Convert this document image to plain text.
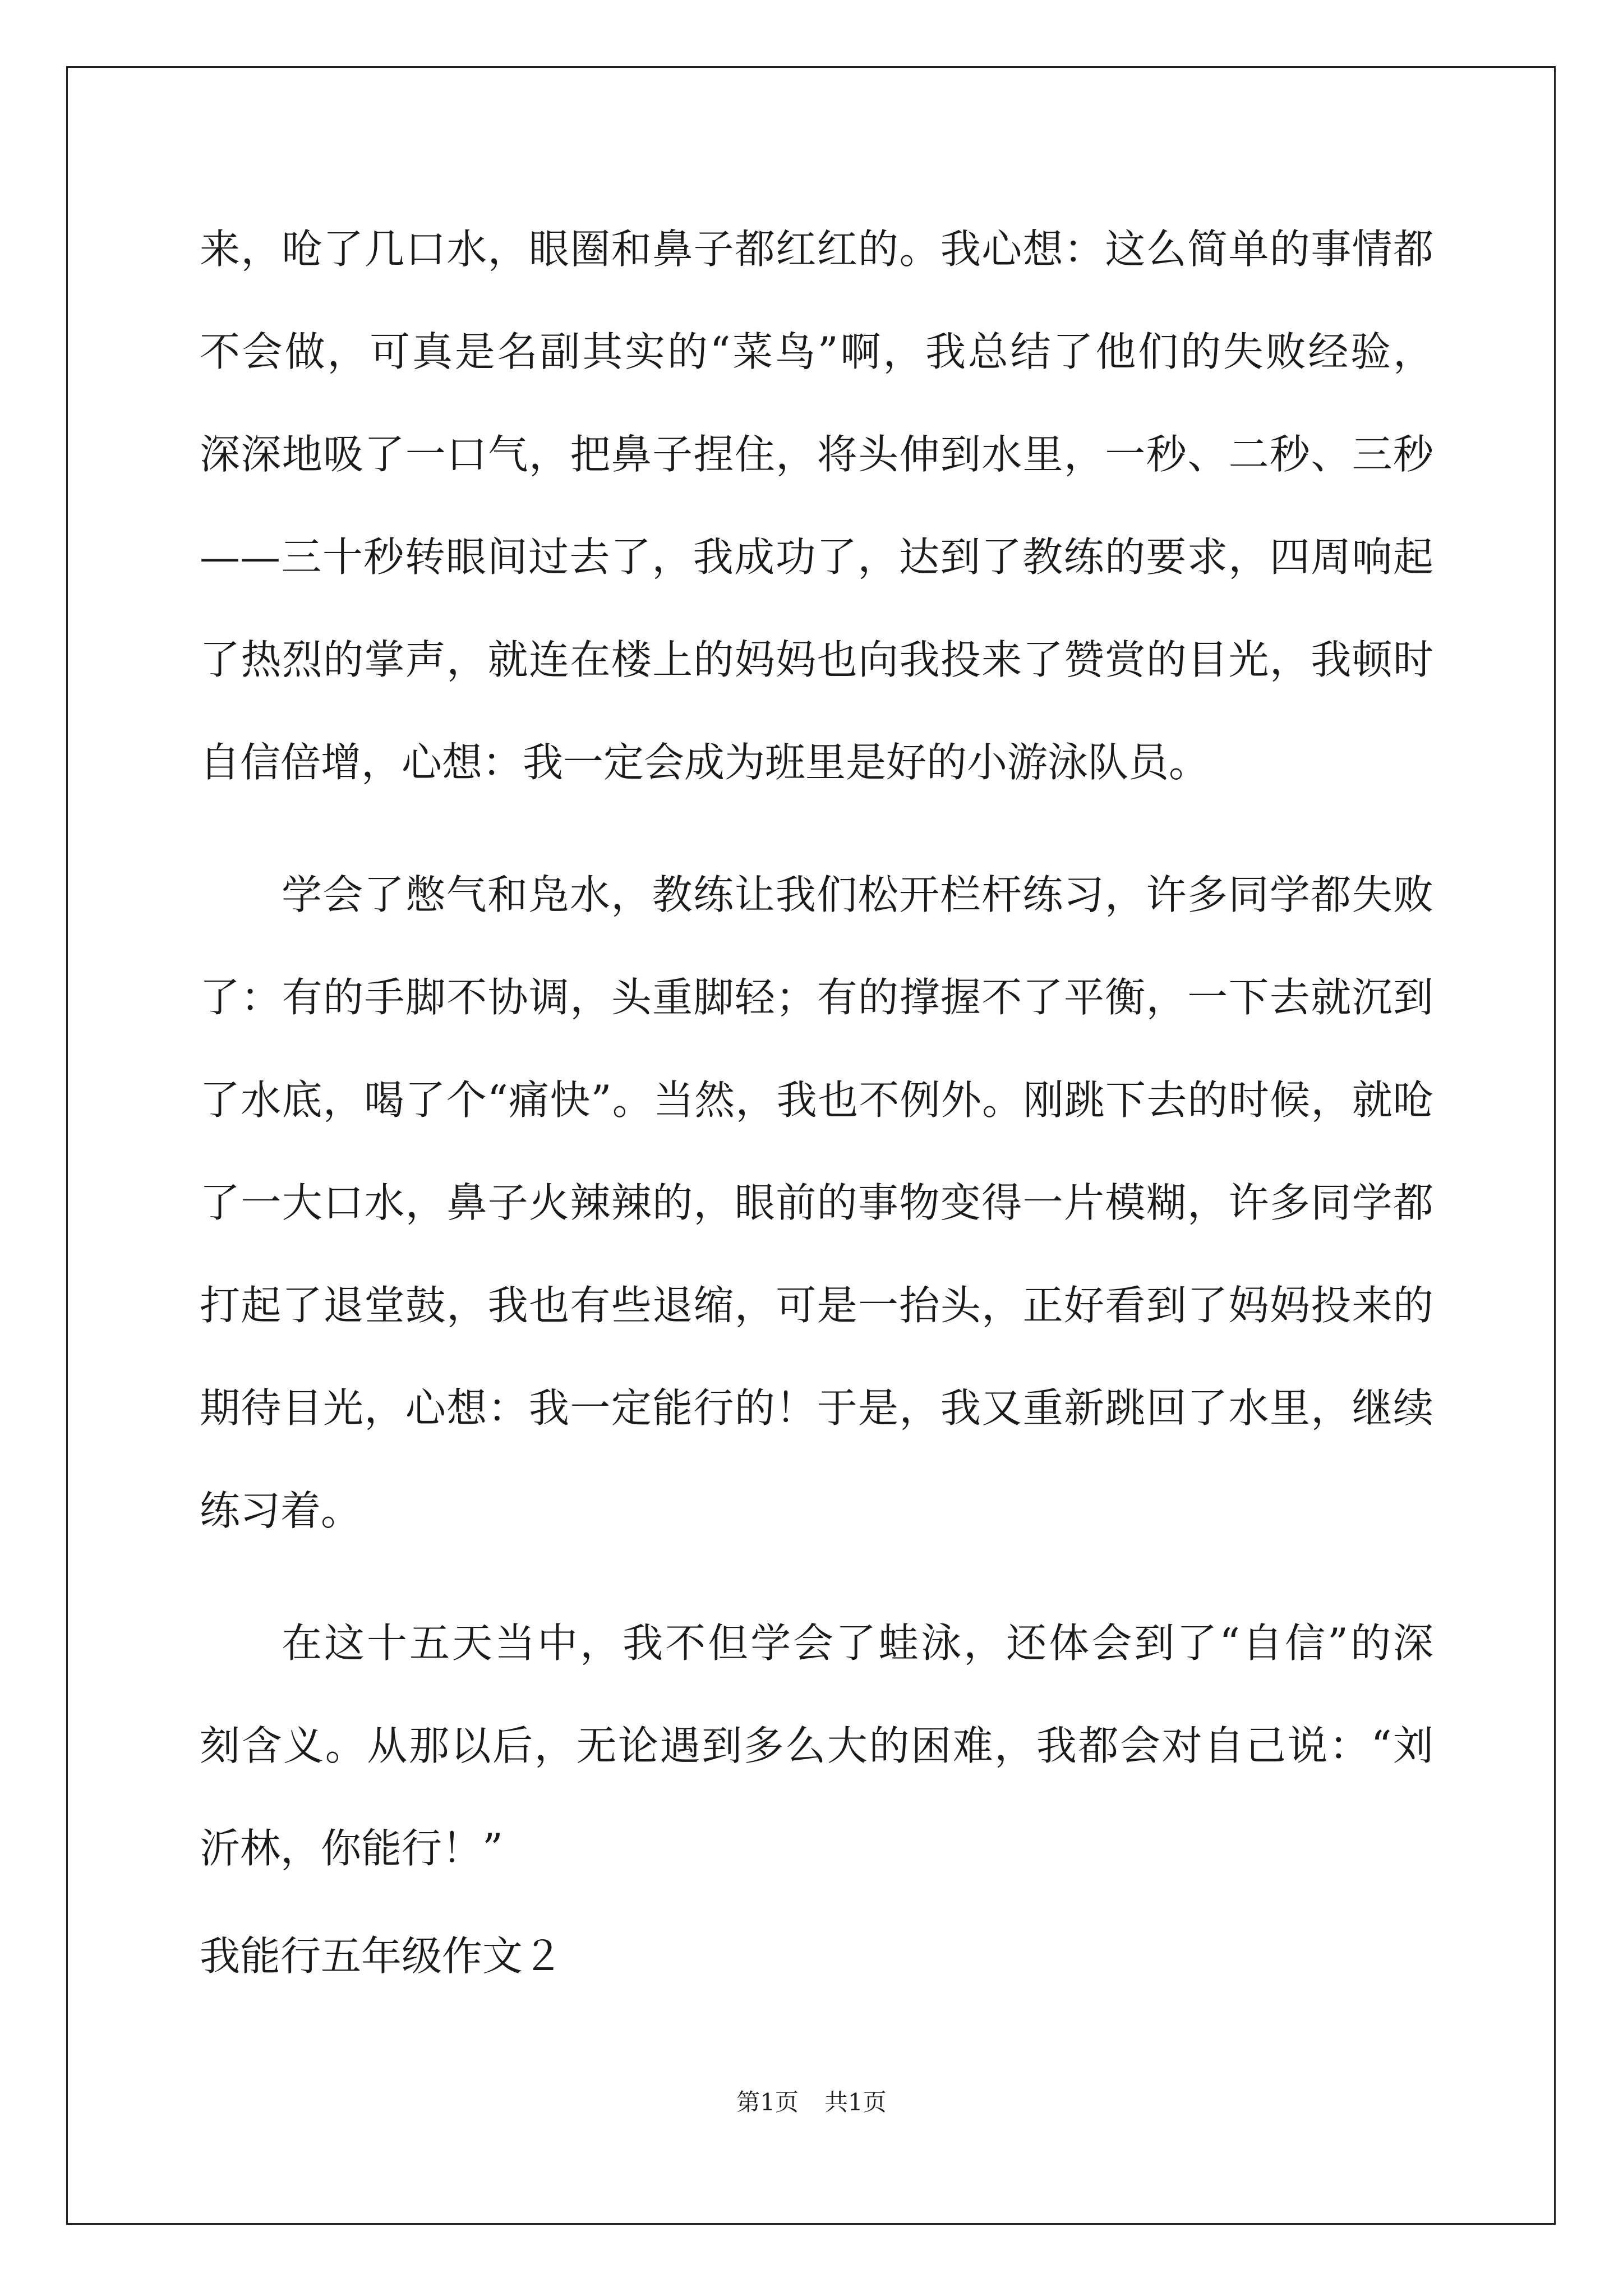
来，呛了几口水，眼圈和鼻子都红红的。我心想：这么简单的事情都
不会做，可真是名副其实的“菜鸟”啊，我总结了他们的失败经验，
深深地吸了一口气，把鼻子捏住，将头伸到水里，一秒、二秒、三秒
——三十秒转眼间过去了，我成功了，达到了教练的要求，四周响起
了热烈的掌声，就连在楼上的妈妈也向我投来了赞赏的目光，我顿时
自信倍增，心想：我一定会成为班里是好的小游泳队员。
学会了憋气和凫水，教练让我们松开栏杆练习，许多同学都失败
了：有的手脚不协调，头重脚轻；有的撑握不了平衡，一下去就沉到
了水底，喝了个“痛快”。当然，我也不例外。刚跳下去的时候，就呛
了一大口水，鼻子火辣辣的，眼前的事物变得一片模糊，许多同学都
打起了退堂鼓，我也有些退缩，可是一抬头，正好看到了妈妈投来的
期待目光，心想：我一定能行的！于是，我又重新跳回了水里，继续
练习着。
在这十五天当中，我不但学会了蛙泳，还体会到了“自信”的深
刻含义。从那以后，无论遇到多么大的困难，我都会对自己说：“刘
沂林，你能行！”
我能行五年级作文２
第1页 共1页
